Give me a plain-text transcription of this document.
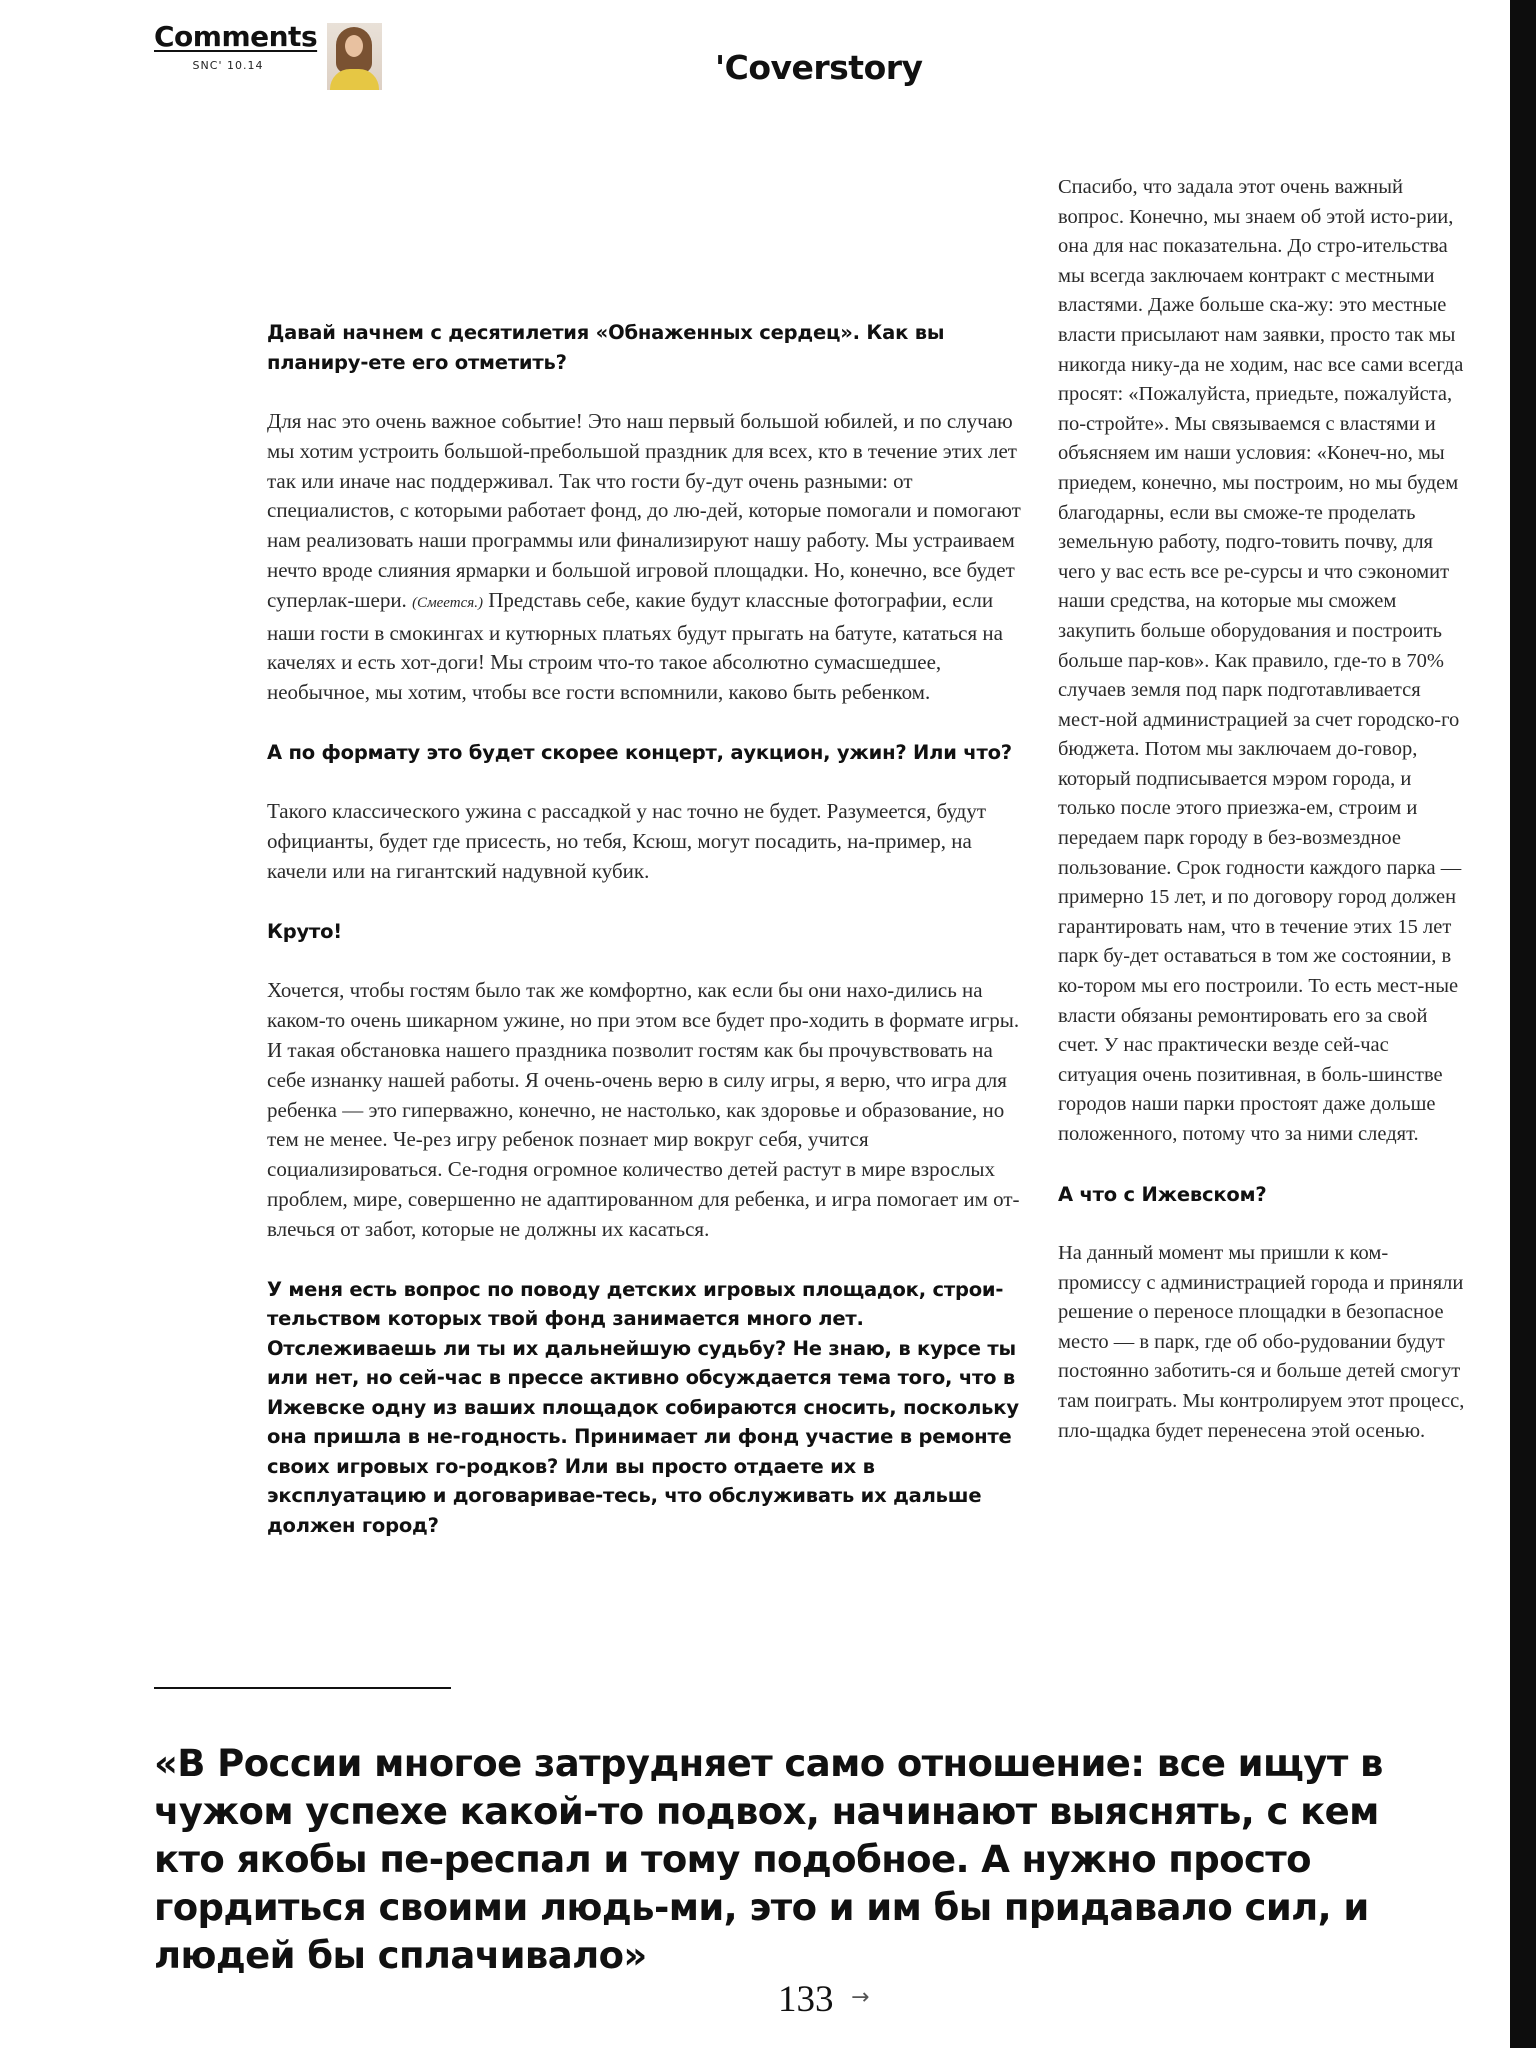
Comments
SNC' 10.14	'Coverstory

Давай начнем с десятилетия «Обнаженных сердец». Как вы планиру-ете его отметить?

Для нас это очень важное событие! Это наш первый большой юбилей, и по случаю мы хотим устроить большой-пребольшой праздник для всех, кто в течение этих лет так или иначе нас поддерживал. Так что гости бу-дут очень разными: от специалистов, с которыми работает фонд, до лю-дей, которые помогали и помогают нам реализовать наши программы или финализируют нашу работу. Мы устраиваем нечто вроде слияния ярмарки и большой игровой площадки. Но, конечно, все будет суперлак-шери. (Смеется.) Представь себе, какие будут классные фотографии, если наши гости в смокингах и кутюрных платьях будут прыгать на батуте, кататься на качелях и есть хот-доги! Мы строим что-то такое абсолютно сумасшедшее, необычное, мы хотим, чтобы все гости вспомнили, каково быть ребенком.

А по формату это будет скорее концерт, аукцион, ужин? Или что?

Такого классического ужина с рассадкой у нас точно не будет. Разумеется, будут официанты, будет где присесть, но тебя, Ксюш, могут посадить, на-пример, на качели или на гигантский надувной кубик.

Круто!

Хочется, чтобы гостям было так же комфортно, как если бы они нахо-дились на каком-то очень шикарном ужине, но при этом все будет про-ходить в формате игры. И такая обстановка нашего праздника позволит гостям как бы прочувствовать на себе изнанку нашей работы. Я очень-очень верю в силу игры, я верю, что игра для ребенка — это гиперважно, конечно, не настолько, как здоровье и образование, но тем не менее. Че-рез игру ребенок познает мир вокруг себя, учится социализироваться. Се-годня огромное количество детей растут в мире взрослых проблем, мире, совершенно не адаптированном для ребенка, и игра помогает им от-влечься от забот, которые не должны их касаться.

У меня есть вопрос по поводу детских игровых площадок, строи-тельством которых твой фонд занимается много лет. Отслеживаешь ли ты их дальнейшую судьбу? Не знаю, в курсе ты или нет, но сей-час в прессе активно обсуждается тема того, что в Ижевске одну из ваших площадок собираются сносить, поскольку она пришла в не-годность. Принимает ли фонд участие в ремонте своих игровых го-родков? Или вы просто отдаете их в эксплуатацию и договаривае-тесь, что обслуживать их дальше должен город?

Спасибо, что задала этот очень важный вопрос. Конечно, мы знаем об этой исто-рии, она для нас показательна. До стро-ительства мы всегда заключаем контракт с местными властями. Даже больше ска-жу: это местные власти присылают нам заявки, просто так мы никогда нику-да не ходим, нас все сами всегда просят: «Пожалуйста, приедьте, пожалуйста, по-стройте». Мы связываемся с властями и объясняем им наши условия: «Конеч-но, мы приедем, конечно, мы построим, но мы будем благодарны, если вы сможе-те проделать земельную работу, подго-товить почву, для чего у вас есть все ре-сурсы и что сэкономит наши средства, на которые мы сможем закупить больше оборудования и построить больше пар-ков». Как правило, где-то в 70% случаев земля под парк подготавливается мест-ной администрацией за счет городско-го бюджета. Потом мы заключаем до-говор, который подписывается мэром города, и только после этого приезжа-ем, строим и передаем парк городу в без-возмездное пользование. Срок годности каждого парка — примерно 15 лет, и по договору город должен гарантировать нам, что в течение этих 15 лет парк бу-дет оставаться в том же состоянии, в ко-тором мы его построили. То есть мест-ные власти обязаны ремонтировать его за свой счет. У нас практически везде сей-час ситуация очень позитивная, в боль-шинстве городов наши парки простоят даже дольше положенного, потому что за ними следят.

А что с Ижевском?

На данный момент мы пришли к ком-промиссу с администрацией города и приняли решение о переносе площадки в безопасное место — в парк, где об обо-рудовании будут постоянно заботить-ся и больше детей смогут там поиграть. Мы контролируем этот процесс, пло-щадка будет перенесена этой осенью.

«В России многое затрудняет само отношение: все ищут в чужом успехе какой-то подвох, начинают выяснять, с кем кто якобы пе-респал и тому подобное. А нужно просто гордиться своими людь-ми, это и им бы придавало сил, и людей бы сплачивало»

133 →
